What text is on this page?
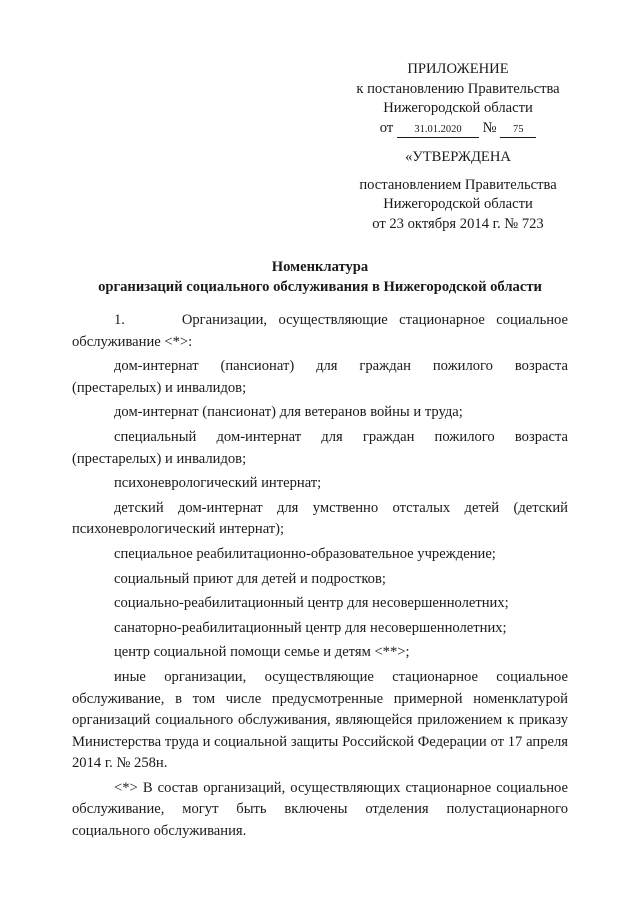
ПРИЛОЖЕНИЕ
к постановлению Правительства
Нижегородской области
от 31.01.2020 № 75
«УТВЕРЖДЕНА
постановлением Правительства
Нижегородской области
от 23 октября 2014 г. № 723
Номенклатура
организаций социального обслуживания в Нижегородской области

1.     Организации, осуществляющие стационарное социальное обслуживание <*>:

дом-интернат (пансионат) для граждан пожилого возраста (престарелых) и инвалидов;

дом-интернат (пансионат) для ветеранов войны и труда;

специальный дом-интернат для граждан пожилого возраста (престарелых) и инвалидов;

психоневрологический интернат;

детский дом-интернат для умственно отсталых детей (детский психоневрологический интернат);

специальное реабилитационно-образовательное учреждение;

социальный приют для детей и подростков;

социально-реабилитационный центр для несовершеннолетних;

санаторно-реабилитационный центр для несовершеннолетних;

центр социальной помощи семье и детям <**>;

иные организации, осуществляющие стационарное социальное обслуживание, в том числе предусмотренные примерной номенклатурой организаций социального обслуживания, являющейся приложением к приказу Министерства труда и социальной защиты Российской Федерации от 17 апреля 2014 г. № 258н.

<*> В состав организаций, осуществляющих стационарное социальное обслуживание, могут быть включены отделения полустационарного социального обслуживания.
